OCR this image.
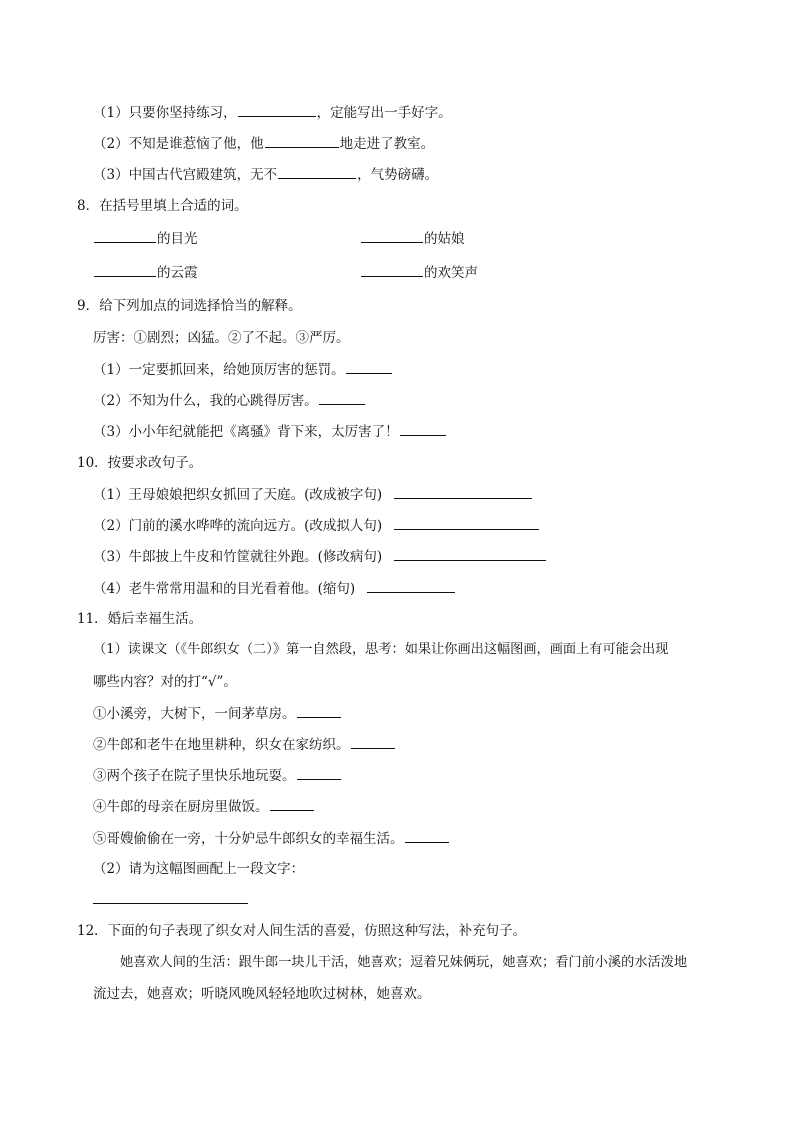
（1）只要你坚持练习，	，定能写出一手好字。
（2）不知是谁惹恼了他，他	地走进了教室。
（3）中国古代宫殿建筑，无不	，气势磅礴。
8．在括号里填上合适的词。
的目光	的姑娘
的云霞	的欢笑声
9．给下列加点的词选择恰当的解释。
厉害：①剧烈；凶猛。②了不起。③严厉。
（1）一定要抓回来，给她顶厉害的惩罚。
（2）不知为什么，我的心跳得厉害。
（3）小小年纪就能把《离骚》背下来，太厉害了！
10．按要求改句子。
（1）王母娘娘把织女抓回了天庭。(改成被字句)
（2）门前的溪水哗哗的流向远方。(改成拟人句)
（3）牛郎披上牛皮和竹筐就往外跑。(修改病句)
（4）老牛常常用温和的目光看着他。(缩句)
11．婚后幸福生活。
（1）读课文（《牛郎织女（二）》第一自然段，思考：如果让你画出这幅图画，画面上有可能会出现
哪些内容？对的打“√”。
①小溪旁，大树下，一间茅草房。
②牛郎和老牛在地里耕种，织女在家纺织。
③两个孩子在院子里快乐地玩耍。
④牛郎的母亲在厨房里做饭。
⑤哥嫂偷偷在一旁，十分妒忌牛郎织女的幸福生活。
（2）请为这幅图画配上一段文字：
12．下面的句子表现了织女对人间生活的喜爱，仿照这种写法，补充句子。
她喜欢人间的生活：跟牛郎一块儿干活，她喜欢；逗着兄妹俩玩，她喜欢；看门前小溪的水活泼地
流过去，她喜欢；听晓风晚风轻轻地吹过树林，她喜欢。
